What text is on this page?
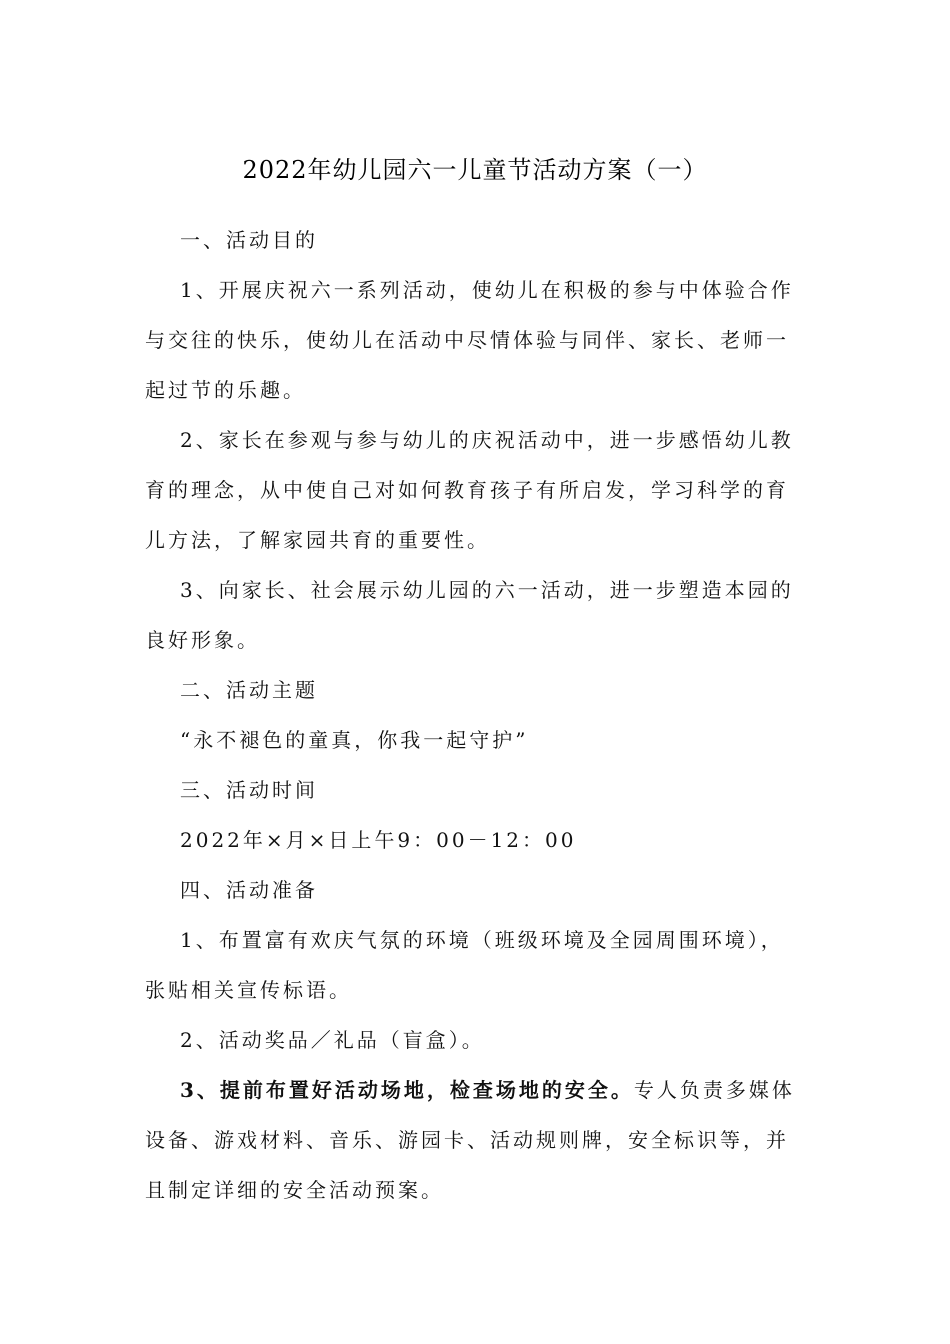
2022年幼儿园六一儿童节活动方案（一）

一、活动目的

1、开展庆祝六一系列活动，使幼儿在积极的参与中体验合作与交往的快乐，使幼儿在活动中尽情体验与同伴、家长、老师一起过节的乐趣。

2、家长在参观与参与幼儿的庆祝活动中，进一步感悟幼儿教育的理念，从中使自己对如何教育孩子有所启发，学习科学的育儿方法，了解家园共育的重要性。

3、向家长、社会展示幼儿园的六一活动，进一步塑造本园的良好形象。

二、活动主题

“永不褪色的童真，你我一起守护”

三、活动时间

2022年×月×日上午9：00－12：00

四、活动准备

1、布置富有欢庆气氛的环境（班级环境及全园周围环境），张贴相关宣传标语。

2、活动奖品／礼品（盲盒）。

3、提前布置好活动场地，检查场地的安全。专人负责多媒体设备、游戏材料、音乐、游园卡、活动规则牌，安全标识等，并且制定详细的安全活动预案。
